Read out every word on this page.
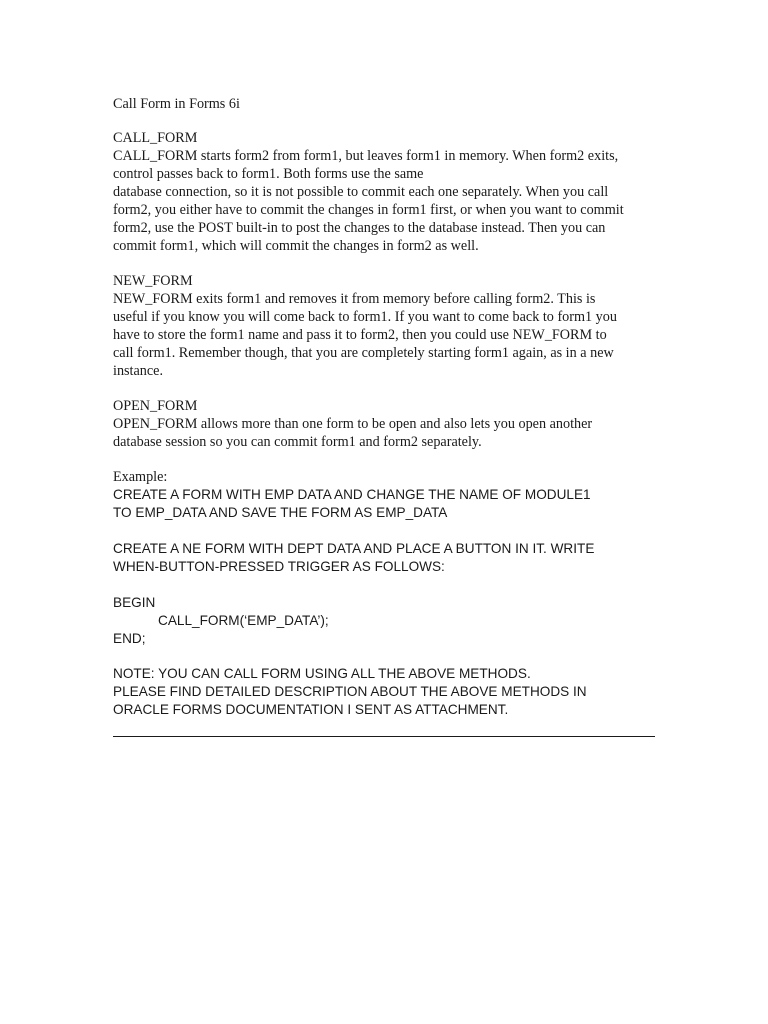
Call Form in Forms 6i
CALL_FORM
CALL_FORM starts form2 from form1, but leaves form1 in memory. When form2 exits,
control passes back to form1. Both forms use the same
database connection, so it is not possible to commit each one separately. When you call
form2, you either have to commit the changes in form1 first, or when you want to commit
form2, use the POST built-in to post the changes to the database instead. Then you can
commit form1, which will commit the changes in form2 as well.
NEW_FORM
NEW_FORM exits form1 and removes it from memory before calling form2. This is
useful if you know you will come back to form1. If you want to come back to form1 you
have to store the form1 name and pass it to form2, then you could use NEW_FORM to
call form1. Remember though, that you are completely starting form1 again, as in a new
instance.
OPEN_FORM
OPEN_FORM allows more than one form to be open and also lets you open another
database session so you can commit form1 and form2 separately.
Example:
CREATE A FORM WITH EMP DATA AND CHANGE THE NAME OF MODULE1
TO EMP_DATA AND SAVE THE FORM AS EMP_DATA
CREATE A NE FORM WITH DEPT DATA AND PLACE A BUTTON IN IT. WRITE
WHEN-BUTTON-PRESSED TRIGGER AS FOLLOWS:
BEGIN
CALL_FORM(‘EMP_DATA’);
END;
NOTE: YOU CAN CALL FORM USING ALL THE ABOVE METHODS.
PLEASE FIND DETAILED DESCRIPTION ABOUT THE ABOVE METHODS IN
ORACLE FORMS DOCUMENTATION I SENT AS ATTACHMENT.
